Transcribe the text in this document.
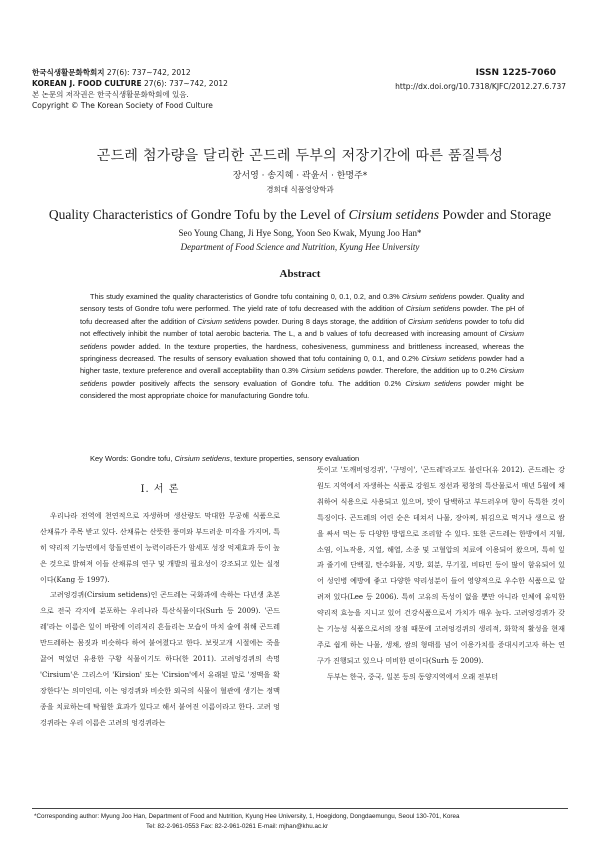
한국식생활문화학회지 27(6): 737~742, 2012
KOREAN J. FOOD CULTURE 27(6): 737~742, 2012
본 논문의 저작권은 한국식생활문화학회에 있음.
Copyright © The Korean Society of Food Culture
ISSN 1225-7060
http://dx.doi.org/10.7318/KJFC/2012.27.6.737
곤드레 첨가량을 달리한 곤드레 두부의 저장기간에 따른 품질특성
장서영 · 송지혜 · 곽윤서 · 한명주*
경희대 식품영양학과
Quality Characteristics of Gondre Tofu by the Level of Cirsium setidens Powder and Storage
Seo Young Chang, Ji Hye Song, Yoon Seo Kwak, Myung Joo Han*
Department of Food Science and Nutrition, Kyung Hee University
Abstract

This study examined the quality characteristics of Gondre tofu containing 0, 0.1, 0.2, and 0.3% Cirsium setidens powder. Quality and sensory tests of Gondre tofu were performed. The yield rate of tofu decreased with the addition of Cirsium setidens powder. The pH of tofu decreased after the addition of Cirsium setidens powder. During 8 days storage, the addition of Cirsium setidens powder to tofu did not effectively inhibit the number of total aerobic bacteria. The L, a and b values of tofu decreased with increasing amount of Cirsium setidens powder added. In the texture properties, the hardness, cohesiveness, gumminess and brittleness increased, whereas the springiness decreased. The results of sensory evaluation showed that tofu containing 0, 0.1, and 0.2% Cirsium setidens powder had a higher taste, texture preference and overall acceptability than 0.3% Cirsium setidens powder. Therefore, the addition up to 0.2% Cirsium setidens powder positively affects the sensory evaluation of Gondre tofu. The addition 0.2% Cirsium setidens powder might be considered the most appropriate choice for manufacturing Gondre tofu.

Key Words: Gondre tofu, Cirsium setidens, texture properties, sensory evaluation
I. 서 론

우리나라 전역에 천연적으로 자생하며 생산량도 막대한 무공해 식품으로 산채류가 주목 받고 있다. 산채류는 산뜻한 풍미와 부드러운 미각을 가지며, 특히 약리적 기능면에서 항돌연변이 능력이라든가 암세포 성장 억제효과 등이 높은 것으로 밝혀져 이들 산채류의 연구 및 개발의 필요성이 강조되고 있는 실정이다(Kang 등 1997).

고려엉겅퀴(Cirsium setidens)인 곤드레는 국화과에 속하는 다년생 초본으로 전국 각지에 분포하는 우리나라 특산식물이다(Surh 등 2009). '곤드레'라는 이름은 잎이 바람에 이리저리 흔들리는 모습이 마치 술에 취해 곤드레만드레하는 몸짓과 비슷하다 하여 붙여졌다고 한다. 보릿고개 시절에는 죽을 끓여 먹었던 유용한 구황 식물이기도 하다(한 2011). 고려엉겅퀴의 속명 'Cirsium'은 그리스어 'Kirsion' 또는 'Cirsion'에서 유래된 말로 '정맥을 확장한다'는 의미인데, 이는 엉겅퀴와 비슷한 외국의 식물이 혈관에 생기는 정맥종을 치료하는데 탁월한 효과가 있다고 해서 붙여진 이름이라고 한다. 고려 엉겅퀴라는 우리 이름은 고려의 엉겅퀴라는

뜻이고 '도깨비엉겅퀴', '구멍이', '곤드레'라고도 불린다(유 2012). 곤드레는 강원도 지역에서 자생하는 식품로 강원도 정선과 평창의 특산물로서 매년 5월에 채취하여 식용으로 사용되고 있으며, 맛이 담백하고 부드러우며 향이 독특한 것이 특징이다. 곤드레의 어린 순은 데쳐서 나물, 장아찌, 튀김으로 먹거나 생으로 쌈을 싸서 먹는 등 다양한 방법으로 조리할 수 있다. 또한 곤드레는 한방에서 지혈, 소염, 이뇨작용, 지열, 해열, 소종 및 고혈압의 치료에 이용되어 왔으며, 특히 잎과 줄기에 단백질, 탄수화물, 지방, 회분, 무기질, 비타민 등이 많이 함유되어 있어 성인병 예방에 좋고 다양한 약리성분이 들어 영양적으로 우수한 식품으로 알려져 있다(Lee 등 2006). 특히 고유의 독성이 없을 뿐만 아니라 인체에 유익한 약리적 효능을 지니고 있어 건강식품으로서 가치가 매우 높다. 고려엉겅퀴가 갖는 기능성 식품으로서의 장점 때문에 고려엉겅퀴의 생리적, 화학적 활성을 현재 주로 쉽게 하는 나물, 생채, 쌈의 형태를 넘어 이용가치를 증대시키고자 하는 연구가 진행되고 있으나 미비한 편이다(Surh 등 2009).

두부는 한국, 중국, 일본 등의 동양지역에서 오래 전부터

*Corresponding author: Myung Joo Han, Department of Food and Nutrition, Kyung Hee University, 1, Hoegidong, Dongdaemungu, Seoul 130-701, Korea
Tel: 82-2-961-0553 Fax: 82-2-961-0261 E-mail: mjhan@khu.ac.kr
